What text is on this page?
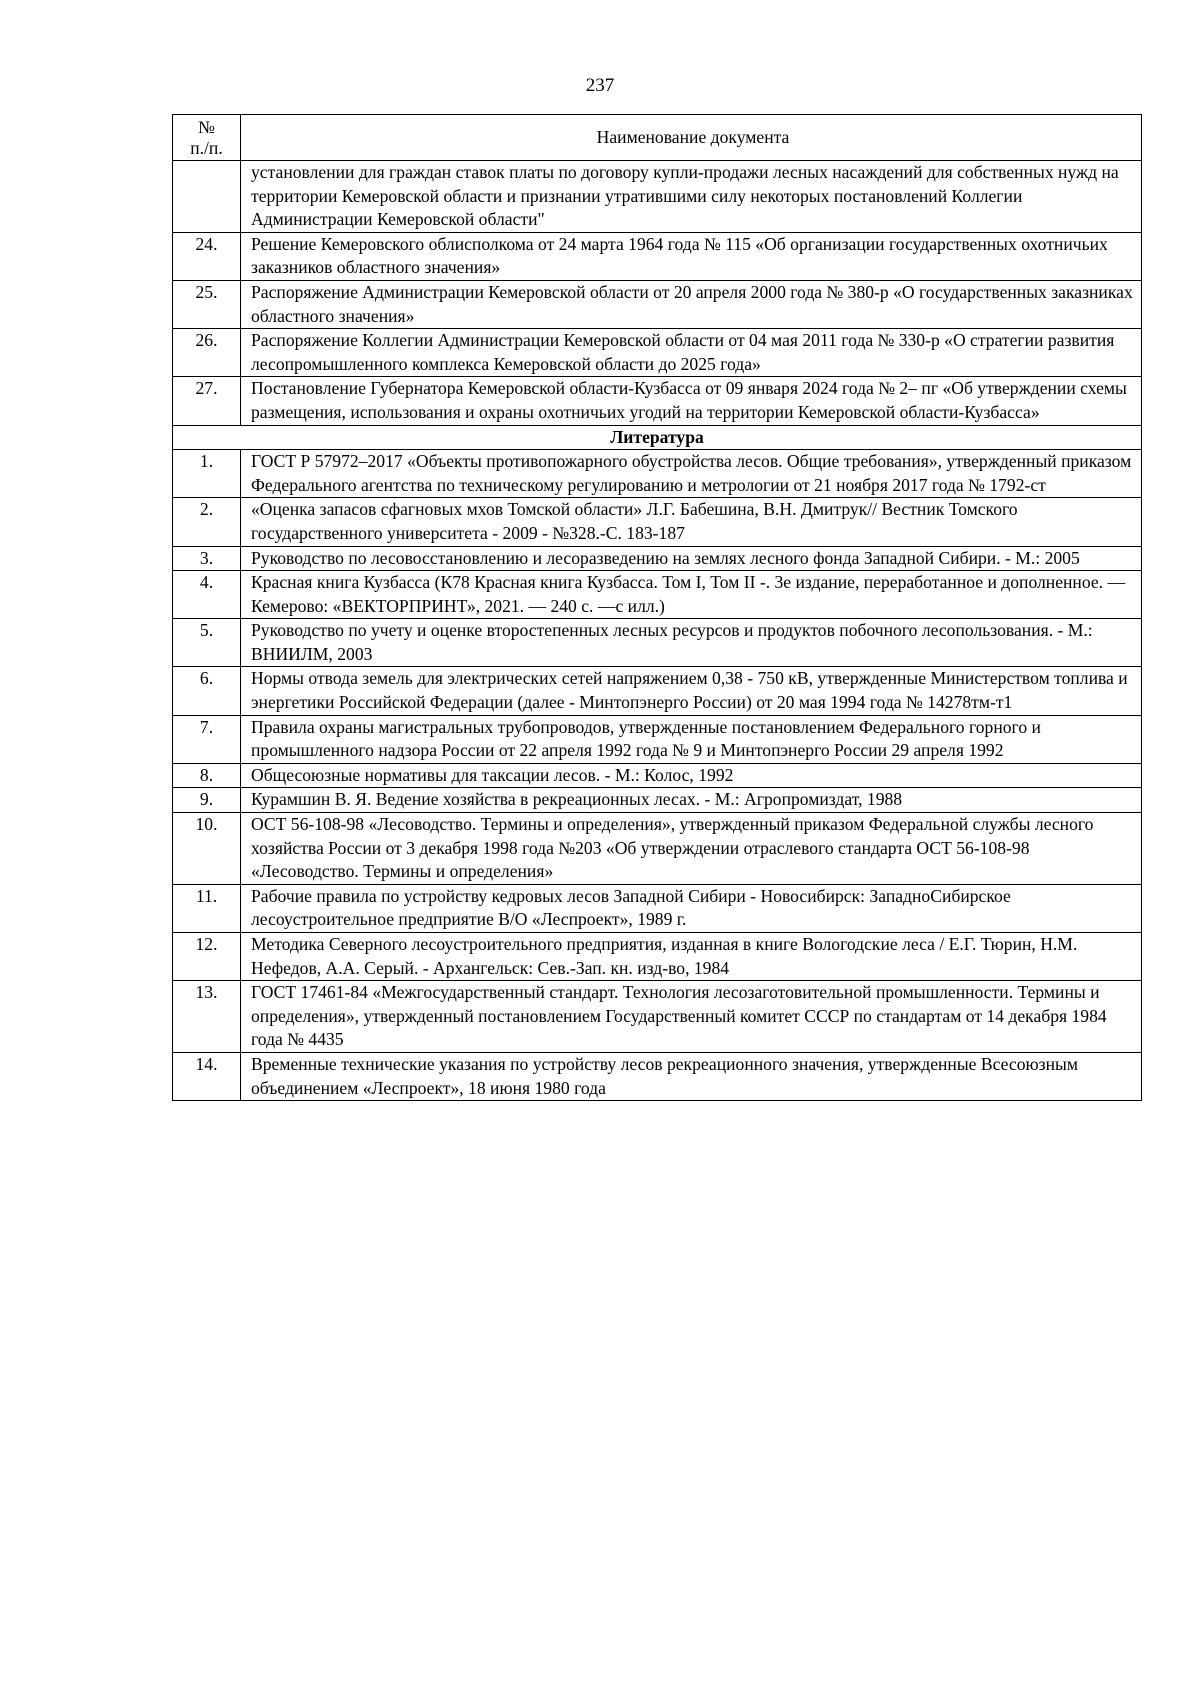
237
№
п./п.	Наименование документа
	установлении для граждан ставок платы по договору купли-продажи лесных насаждений для собственных нужд на территории Кемеровской области и признании утратившими силу некоторых постановлений Коллегии Администрации Кемеровской области"
24.	Решение Кемеровского облисполкома от 24 марта 1964 года № 115 «Об организации государственных охотничьих заказников областного значения»
25.	Распоряжение Администрации Кемеровской области от 20 апреля 2000 года № 380-р «О государственных заказниках областного значения»
26.	Распоряжение Коллегии Администрации Кемеровской области от 04 мая 2011 года № 330-р «О стратегии развития лесопромышленного комплекса Кемеровской области до 2025 года»
27.	Постановление Губернатора Кемеровской области-Кузбасса от 09 января 2024 года № 2– пг «Об утверждении схемы размещения, использования и охраны охотничьих угодий на территории Кемеровской области-Кузбасса»
Литература	
1.	ГОСТ Р 57972–2017 «Объекты противопожарного обустройства лесов. Общие требования», утвержденный приказом Федерального агентства по техническому регулированию и метрологии от 21 ноября 2017 года № 1792-ст
2.	«Оценка запасов сфагновых мхов Томской области» Л.Г. Бабешина, В.Н. Дмитрук// Вестник Томского государственного университета - 2009 - №328.-С. 183-187
3.	Руководство по лесовосстановлению и лесоразведению на землях лесного фонда Западной Сибири. - М.: 2005
4.	Красная книга Кузбасса (К78 Красная книга Кузбасса. Том I, Том II -. 3е издание, переработанное и дополненное. —Кемерово: «ВЕКТОРПРИНТ», 2021. — 240 с. —с илл.)
5.	Руководство по учету и оценке второстепенных лесных ресурсов и продуктов побочного лесопользования. - М.: ВНИИЛМ, 2003
6.	Нормы отвода земель для электрических сетей напряжением 0,38 - 750 кВ, утвержденные Министерством топлива и энергетики Российской Федерации (далее - Минтопэнерго России) от 20 мая 1994 года № 14278тм-т1
7.	Правила охраны магистральных трубопроводов, утвержденные постановлением Федерального горного и промышленного надзора России от 22 апреля 1992 года № 9 и Минтопэнерго России 29 апреля 1992
8.	Общесоюзные нормативы для таксации лесов. - М.: Колос, 1992
9.	Курамшин В. Я. Ведение хозяйства в рекреационных лесах. - М.: Агропромиздат, 1988
10.	ОСТ 56-108-98 «Лесоводство. Термины и определения», утвержденный приказом Федеральной службы лесного хозяйства России от 3 декабря 1998 года №203 «Об утверждении отраслевого стандарта ОСТ 56-108-98 «Лесоводство. Термины и определения»
11.	Рабочие правила по устройству кедровых лесов Западной Сибири - Новосибирск: ЗападноСибирское лесоустроительное предприятие В/О «Леспроект», 1989 г.
12.	Методика Северного лесоустроительного предприятия, изданная в книге Вологодские леса / Е.Г. Тюрин, Н.М. Нефедов, А.А. Серый. - Архангельск: Сев.-Зап. кн. изд-во, 1984
13.	ГОСТ 17461-84 «Межгосударственный стандарт. Технология лесозаготовительной промышленности. Термины и определения», утвержденный постановлением Государственный комитет СССР по стандартам от 14 декабря 1984 года № 4435
14.	Временные технические указания по устройству лесов рекреационного значения, утвержденные Всесоюзным объединением «Леспроект», 18 июня 1980 года
